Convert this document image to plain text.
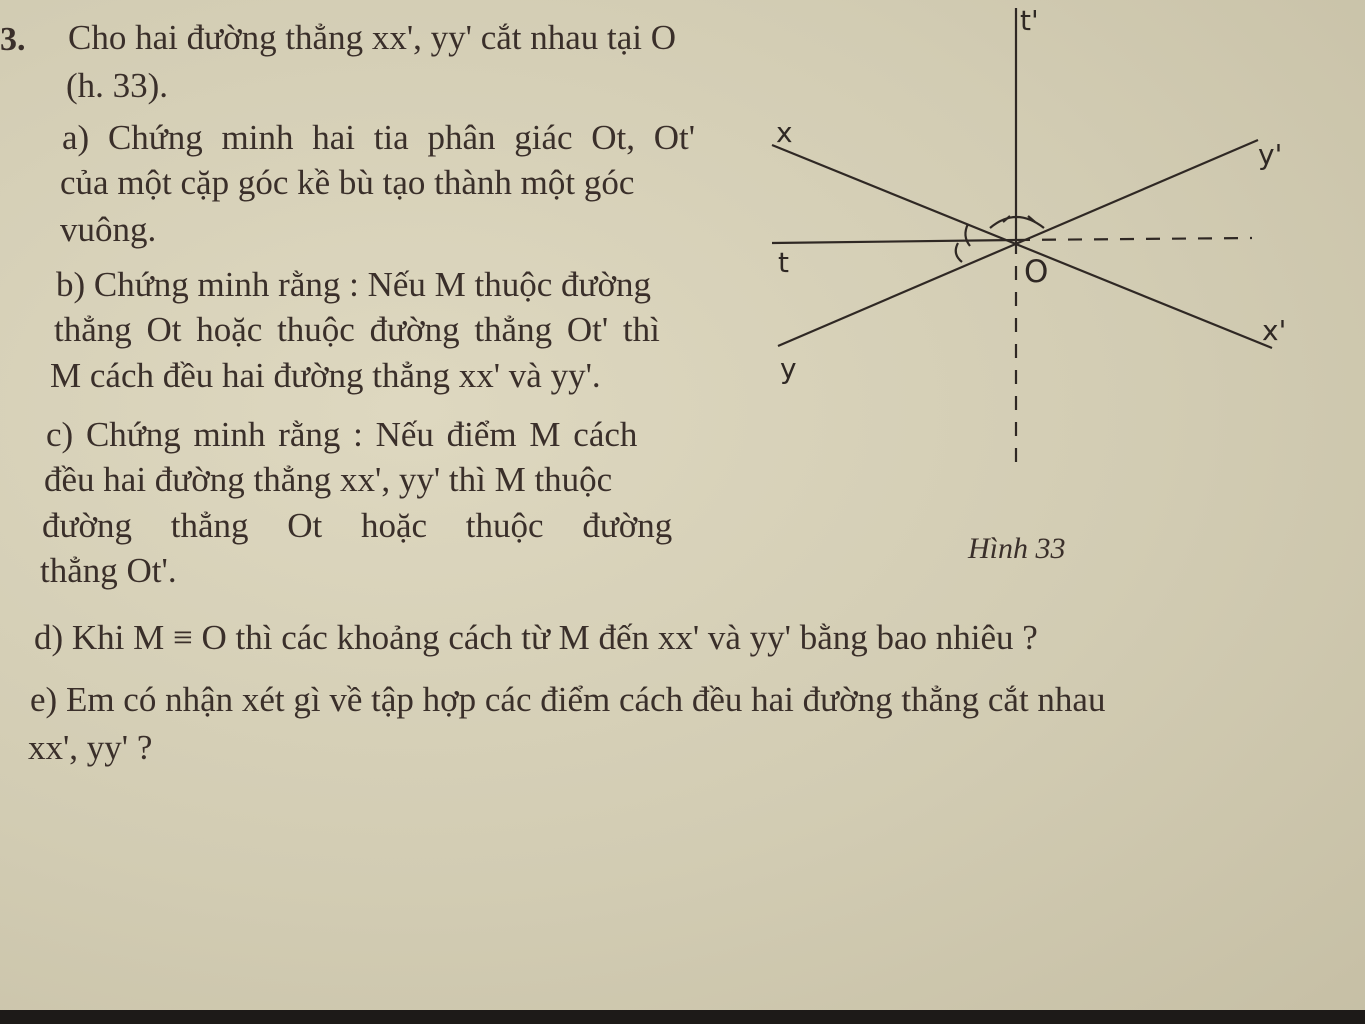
3. Cho hai đường thẳng xx', yy' cắt nhau tại O
(h. 33).
a) Chứng minh hai tia phân giác Ot, Ot'
của một cặp góc kề bù tạo thành một góc
vuông.
b) Chứng minh rằng : Nếu M thuộc đường
thẳng Ot hoặc thuộc đường thẳng Ot' thì
M cách đều hai đường thẳng xx' và yy'.
c) Chứng minh rằng : Nếu điểm M cách
đều hai đường thẳng xx', yy' thì M thuộc
đường thẳng Ot hoặc thuộc đường
thẳng Ot'.
d) Khi M ≡ O thì các khoảng cách từ M đến xx' và yy' bằng bao nhiêu ?
e) Em có nhận xét gì về tập hợp các điểm cách đều hai đường thẳng cắt nhau
xx', yy' ?
t'
x
y'
t	O
x'
y
Hình 33
